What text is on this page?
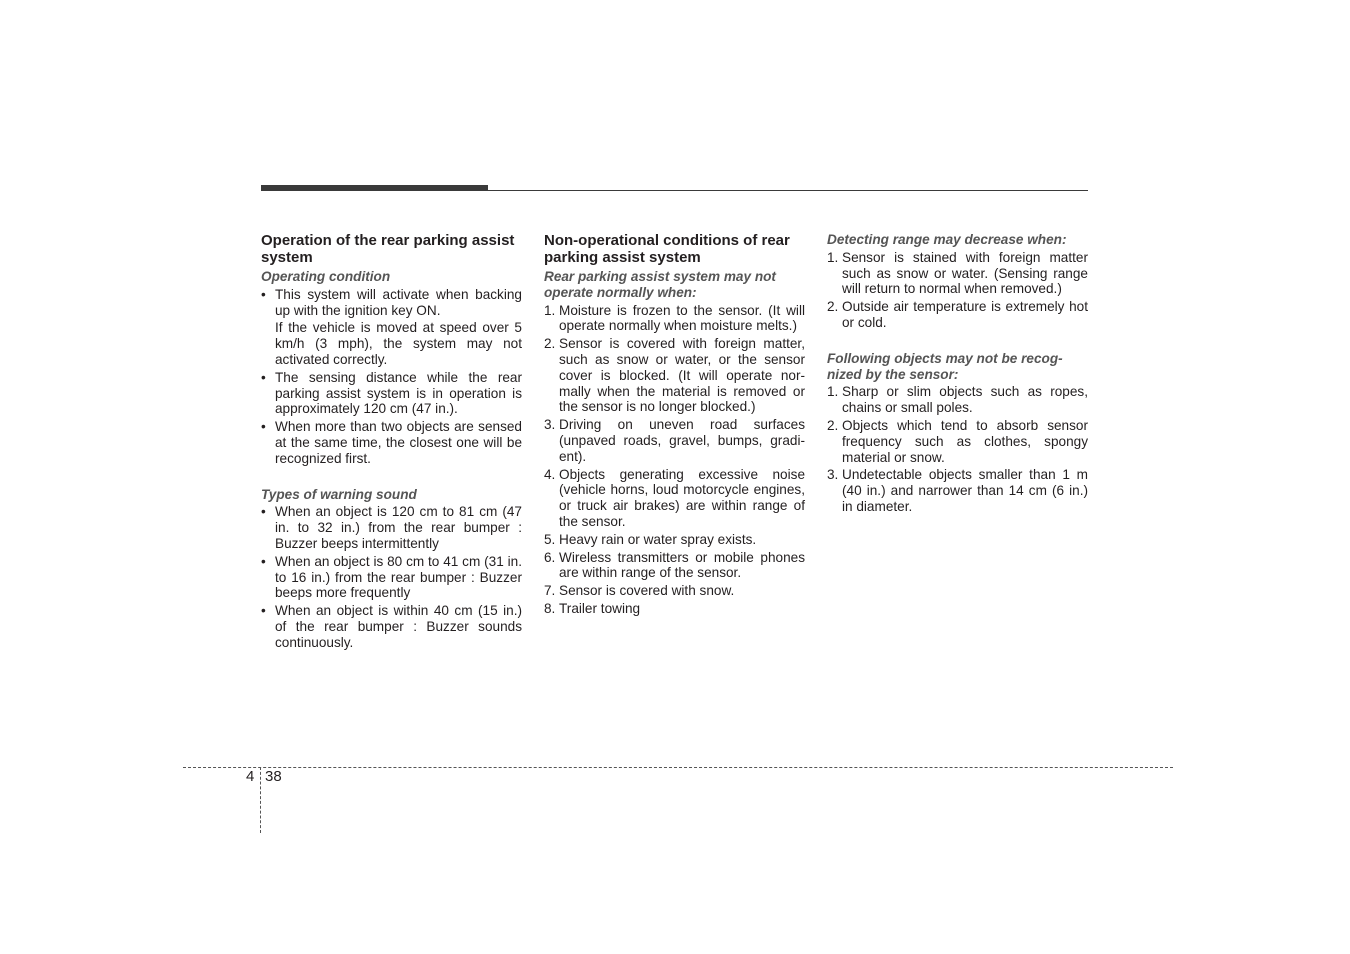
Operation of the rear parking assist system
Operating condition
• This system will activate when backing up with the ignition key ON.

If the vehicle is moved at speed over 5 km/h (3 mph), the system may not activated correctly.

• The sensing distance while the rear parking assist system is in operation is approximately 120 cm (47 in.).
• When more than two objects are sensed at the same time, the closest one will be recognized first.
Types of warning sound
• When an object is 120 cm to 81 cm (47 in. to 32 in.) from the rear bumper : Buzzer beeps intermittently
• When an object is 80 cm to 41 cm (31 in. to 16 in.) from the rear bumper : Buzzer beeps more frequently
• When an object is within 40 cm (15 in.) of the rear bumper : Buzzer sounds continuously.
Non-operational conditions of rear parking assist system
Rear parking assist system may not operate normally when:
1. Moisture is frozen to the sensor. (It will operate normally when moisture melts.)
2. Sensor is covered with foreign matter, such as snow or water, or the sensor cover is blocked. (It will operate nor-mally when the material is removed or the sensor is no longer blocked.)
3. Driving on uneven road surfaces (unpaved roads, gravel, bumps, gradi-ent).
4. Objects generating excessive noise (vehicle horns, loud motorcycle engines, or truck air brakes) are within range of the sensor.
5. Heavy rain or water spray exists.
6. Wireless transmitters or mobile phones are within range of the sensor.
7. Sensor is covered with snow.
8. Trailer towing
Detecting range may decrease when:
1. Sensor is stained with foreign matter such as snow or water. (Sensing range will return to normal when removed.)
2. Outside air temperature is extremely hot or cold.
Following objects may not be recog-nized by the sensor:
1. Sharp or slim objects such as ropes, chains or small poles.
2. Objects which tend to absorb sensor frequency such as clothes, spongy material or snow.
3. Undetectable objects smaller than 1 m (40 in.) and narrower than 14 cm (6 in.) in diameter.
4 38
